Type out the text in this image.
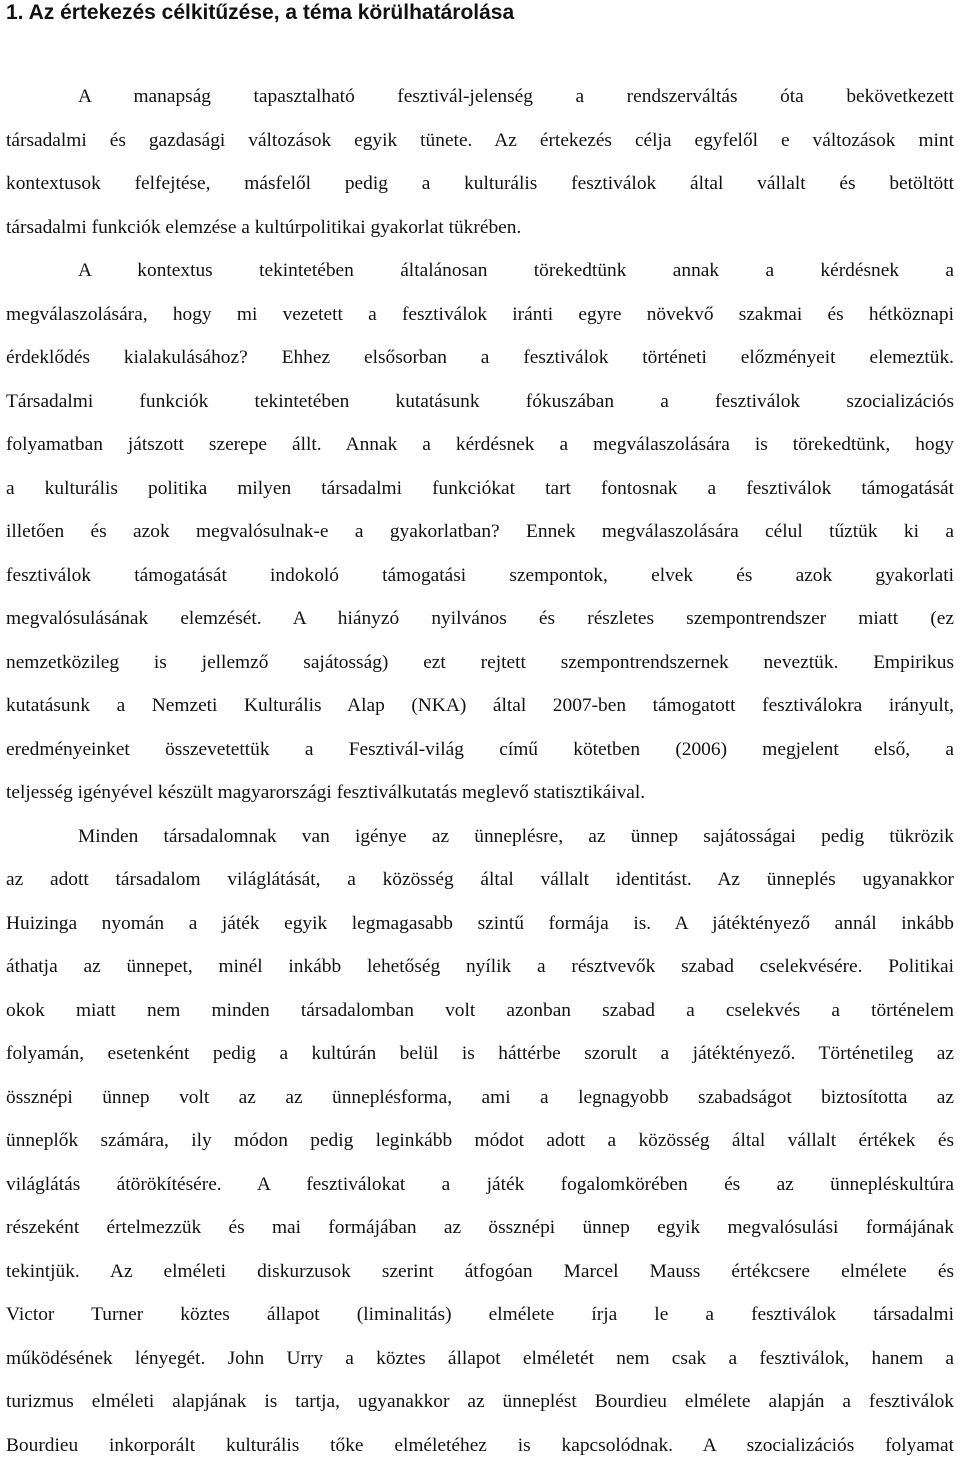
1. Az értekezés célkitűzése, a téma körülhatárolása

A manapság tapasztalható fesztivál-jelenség a rendszerváltás óta bekövetkezett
társadalmi és gazdasági változások egyik tünete. Az értekezés célja egyfelől e változások mint
kontextusok felfejtése, másfelől pedig a kulturális fesztiválok által vállalt és betöltött
társadalmi funkciók elemzése a kultúrpolitikai gyakorlat tükrében.
A kontextus tekintetében általánosan törekedtünk annak a kérdésnek a
megválaszolására, hogy mi vezetett a fesztiválok iránti egyre növekvő szakmai és hétköznapi
érdeklődés kialakulásához? Ehhez elsősorban a fesztiválok történeti előzményeit elemeztük.
Társadalmi funkciók tekintetében kutatásunk fókuszában a fesztiválok szocializációs
folyamatban játszott szerepe állt. Annak a kérdésnek a megválaszolására is törekedtünk, hogy
a kulturális politika milyen társadalmi funkciókat tart fontosnak a fesztiválok támogatását
illetően és azok megvalósulnak-e a gyakorlatban? Ennek megválaszolására célul tűztük ki a
fesztiválok támogatását indokoló támogatási szempontok, elvek és azok gyakorlati
megvalósulásának elemzését. A hiányzó nyilvános és részletes szempontrendszer miatt (ez
nemzetközileg is jellemző sajátosság) ezt rejtett szempontrendszernek neveztük. Empirikus
kutatásunk a Nemzeti Kulturális Alap (NKA) által 2007-ben támogatott fesztiválokra irányult,
eredményeinket összevetettük a Fesztivál-világ című kötetben (2006) megjelent első, a
teljesség igényével készült magyarországi fesztiválkutatás meglevő statisztikáival.

Minden társadalomnak van igénye az ünneplésre, az ünnep sajátosságai pedig tükrözik
az adott társadalom világlátását, a közösség által vállalt identitást. Az ünneplés ugyanakkor
Huizinga nyomán a játék egyik legmagasabb szintű formája is. A játéktényező annál inkább
áthatja az ünnepet, minél inkább lehetőség nyílik a résztvevők szabad cselekvésére. Politikai
okok miatt nem minden társadalomban volt azonban szabad a cselekvés a történelem
folyamán, esetenként pedig a kultúrán belül is háttérbe szorult a játéktényező. Történetileg az
össznépi ünnep volt az az ünneplésforma, ami a legnagyobb szabadságot biztosította az
ünneplők számára, ily módon pedig leginkább módot adott a közösség által vállalt értékek és
világlátás átörökítésére. A fesztiválokat a játék fogalomkörében és az ünnepléskultúra
részeként értelmezzük és mai formájában az össznépi ünnep egyik megvalósulási formájának
tekintjük. Az elméleti diskurzusok szerint átfogóan Marcel Mauss értékcsere elmélete és
Victor Turner köztes állapot (liminalitás) elmélete írja le a fesztiválok társadalmi
működésének lényegét. John Urry a köztes állapot elméletét nem csak a fesztiválok, hanem a
turizmus elméleti alapjának is tartja, ugyanakkor az ünneplést Bourdieu elmélete alapján a fesztiválok
Bourdieu inkorporált kulturális tőke elméletéhez is kapcsolódnak. A szocializációs folyamat
